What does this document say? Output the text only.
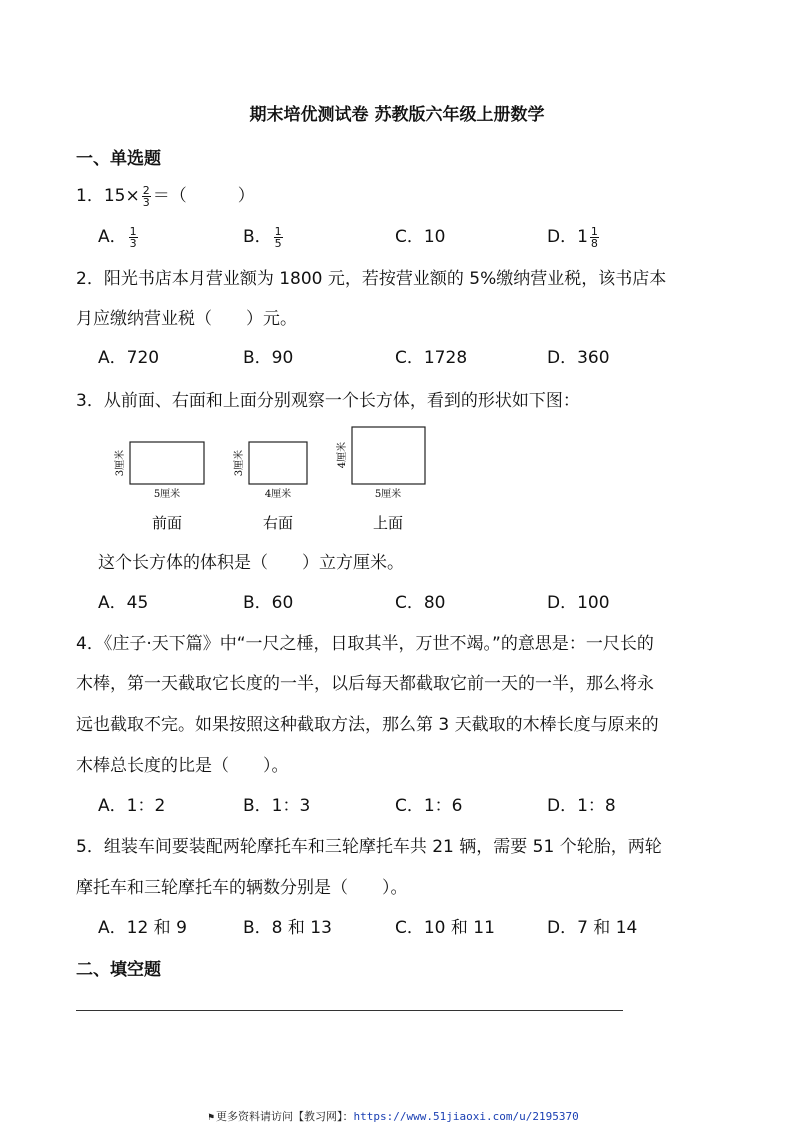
期末培优测试卷 苏教版六年级上册数学
一、单选题
1．$15\times \frac{2}{3}$ ＝（　　　）
A． $\frac{1}{3}$	B． $\frac{1}{5}$	C．10	D．$1 \frac{1}{8}$
2．阳光书店本月营业额为 1800 元，若按营业额的 5%缴纳营业税，该书店本
月应缴纳营业税（　　）元。
A．720	B．90	C．1728	D．360
3．从前面、右面和上面分别观察一个长方体，看到的形状如下图：
3厘米
5厘米
前面
3厘米
4厘米
右面
4厘米
5厘米
上面
这个长方体的体积是（　　）立方厘米。
A．45	B．60	C．80	D．100
4．《庄子·天下篇》中“一尺之棰，日取其半，万世不竭。”的意思是：一尺长的
木棒，第一天截取它长度的一半，以后每天都截取它前一天的一半，那么将永
远也截取不完。如果按照这种截取方法，那么第 3 天截取的木棒长度与原来的
木棒总长度的比是（　　）。
A．1：2	B．1：3	C．1：6	D．1：8
5．组装车间要装配两轮摩托车和三轮摩托车共 21 辆，需要 51 个轮胎，两轮
摩托车和三轮摩托车的辆数分别是（　　）。
A．12 和 9	B．8 和 13	C．10 和 11	D．7 和 14
二、填空题
⚑ 更多资料请访问【教习网】：https://www.51jiaoxi.com/u/2195370
